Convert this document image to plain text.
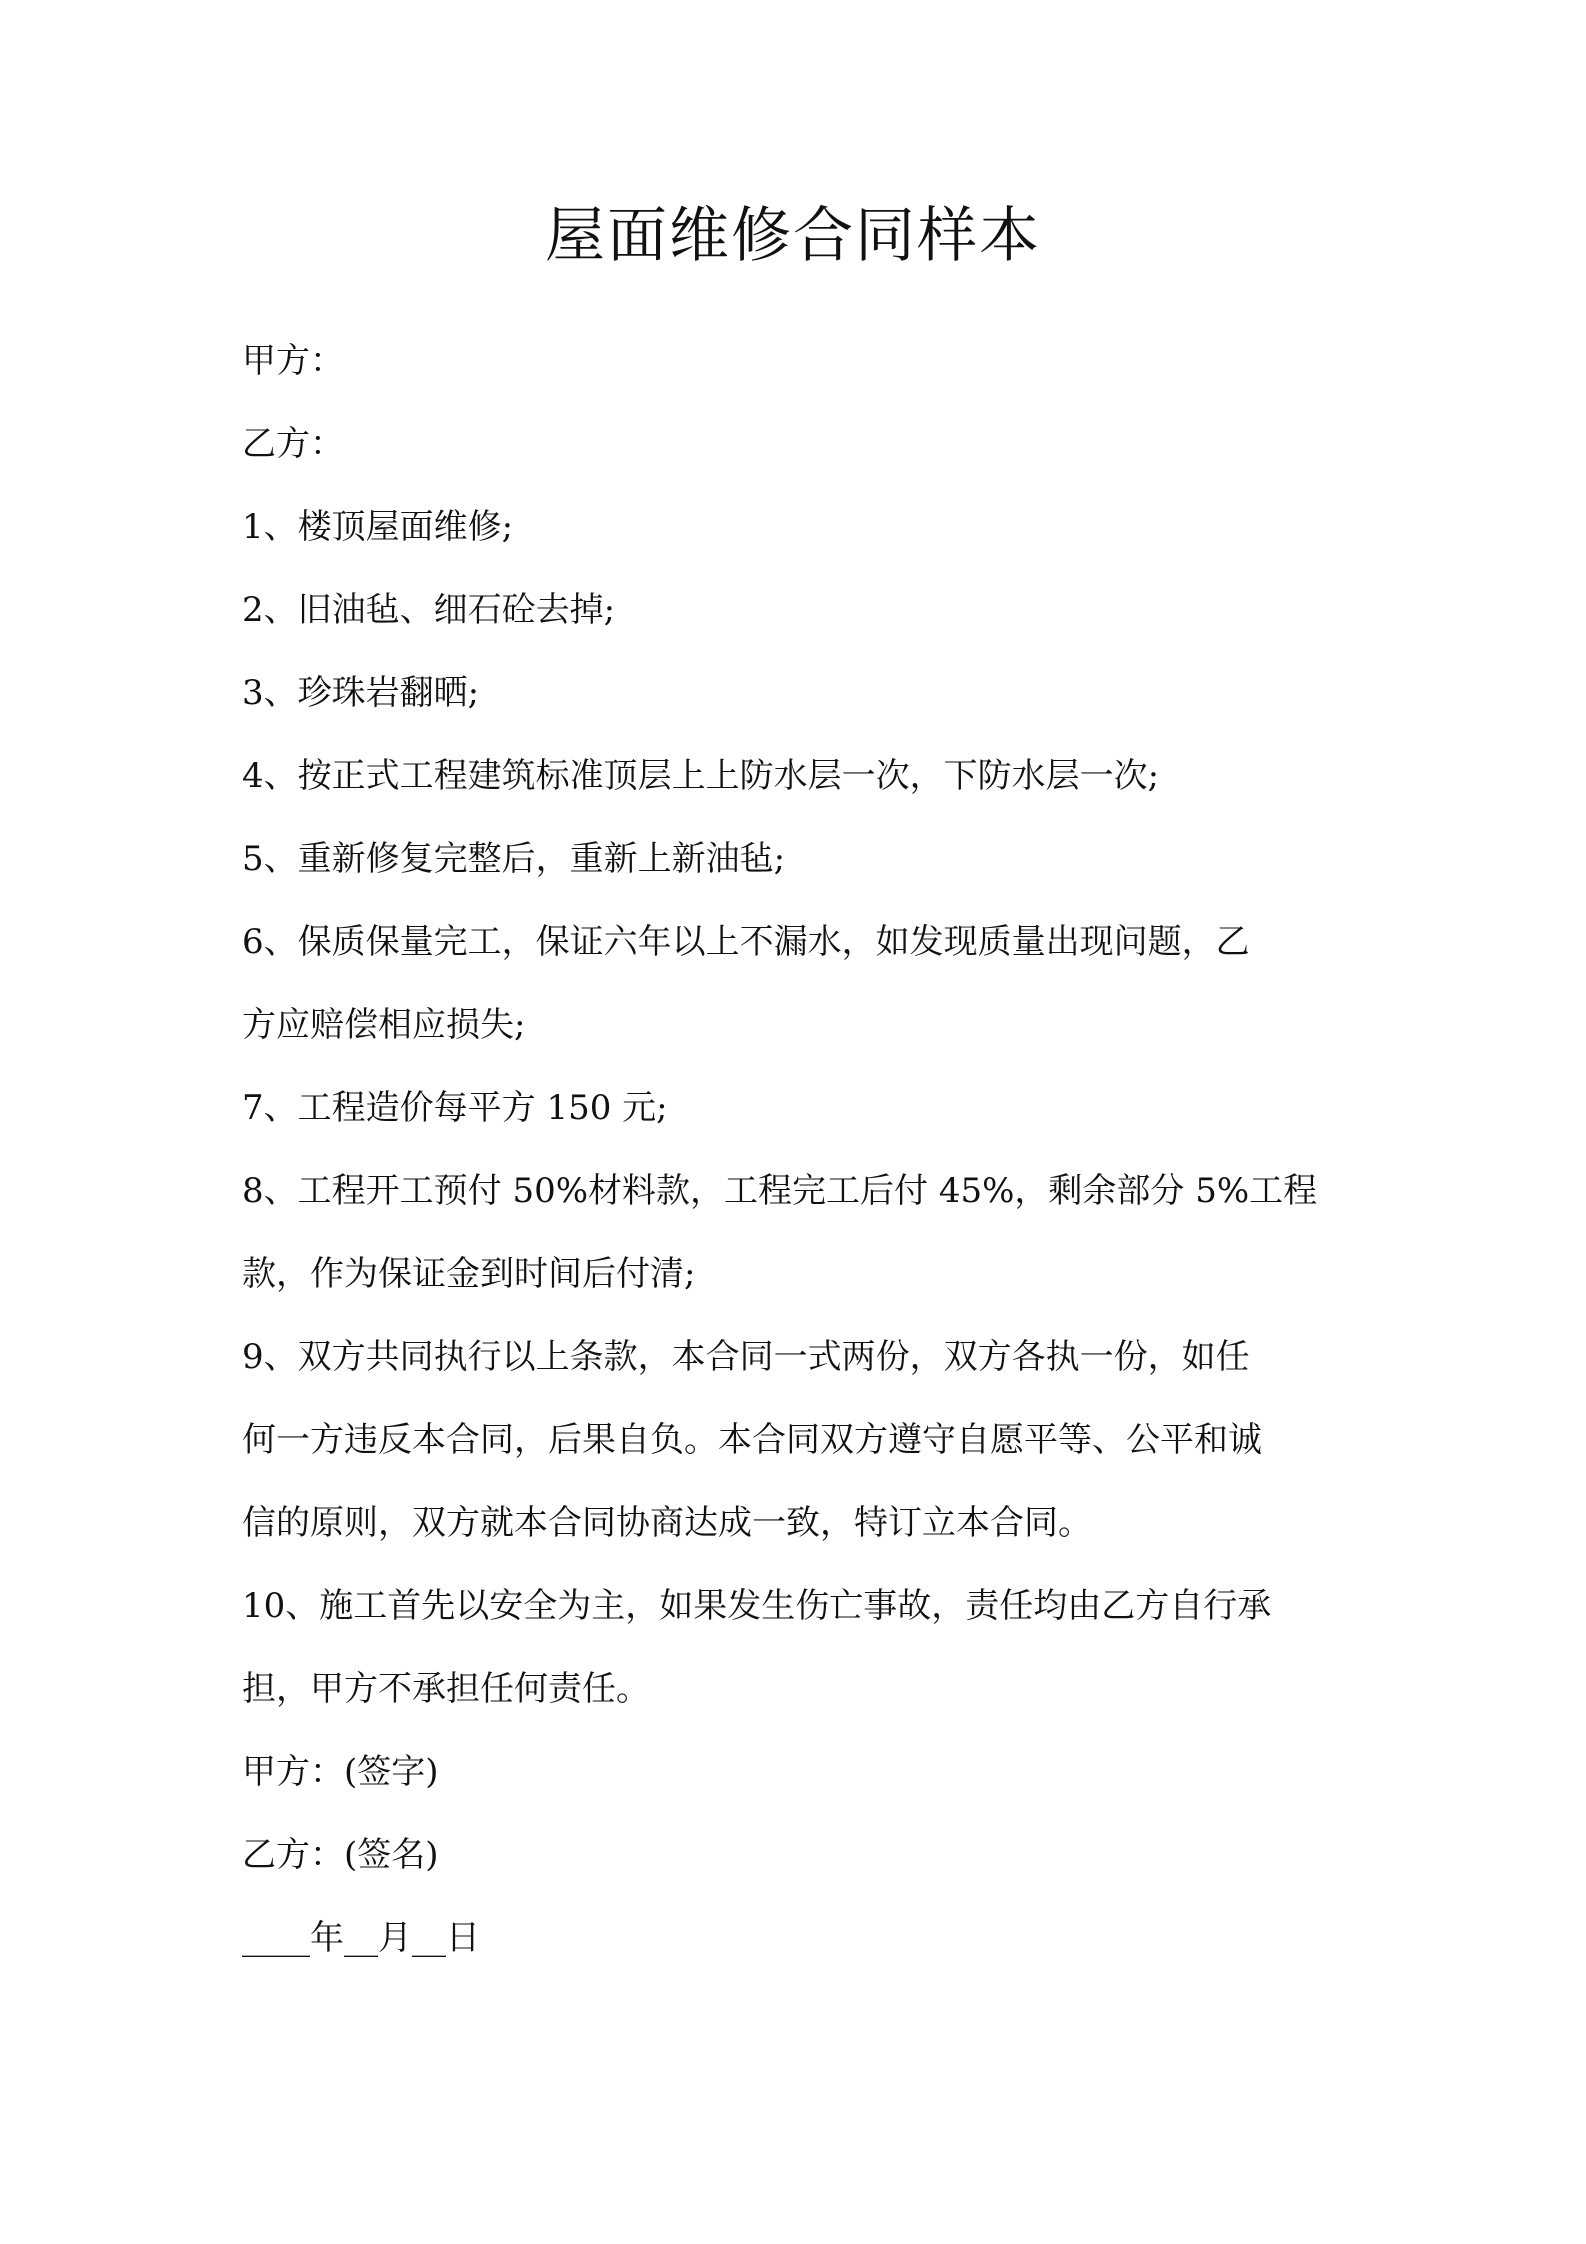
屋面维修合同样本
甲方：
乙方：
1、楼顶屋面维修;
2、旧油毡、细石砼去掉;
3、珍珠岩翻晒;
4、按正式工程建筑标准顶层上上防水层一次，下防水层一次;
5、重新修复完整后，重新上新油毡;
6、保质保量完工，保证六年以上不漏水，如发现质量出现问题，乙
方应赔偿相应损失;
7、工程造价每平方 150 元;
8、工程开工预付 50%材料款，工程完工后付 45%，剩余部分 5%工程
款，作为保证金到时间后付清;
9、双方共同执行以上条款，本合同一式两份，双方各执一份，如任
何一方违反本合同，后果自负。本合同双方遵守自愿平等、公平和诚
信的原则，双方就本合同协商达成一致，特订立本合同。
10、施工首先以安全为主，如果发生伤亡事故，责任均由乙方自行承
担，甲方不承担任何责任。
甲方：(签字)
乙方：(签名)
____年__月__日
